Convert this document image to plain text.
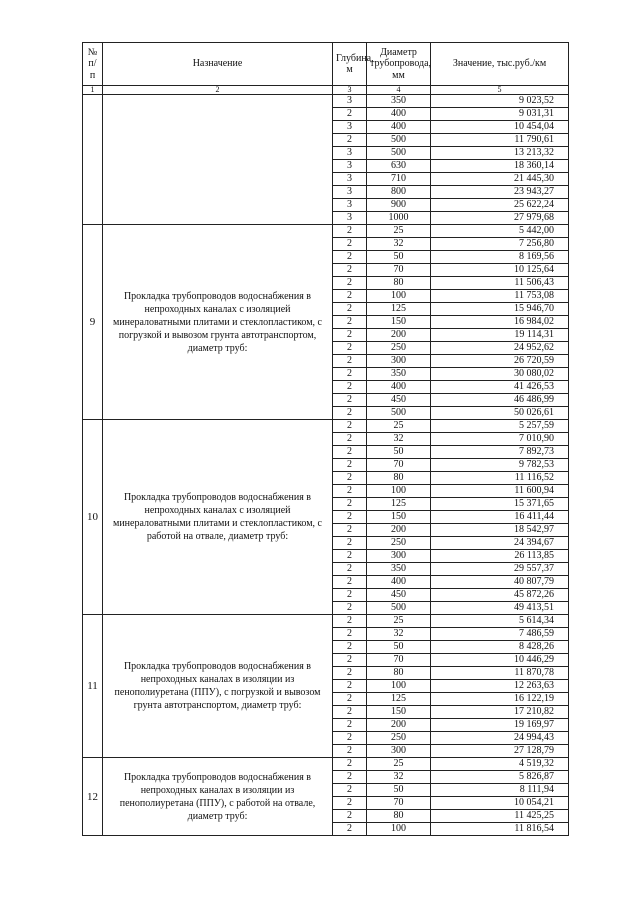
№ п/п	Назначение	Глубина, м	Диаметр трубопровода, мм	Значение, тыс.руб./км
1	2	3	4	5
		3	350	9 023,52
		2	400	9 031,31
		3	400	10 454,04
		2	500	11 790,61
		3	500	13 213,32
		3	630	18 360,14
		3	710	21 445,30
		3	800	23 943,27
		3	900	25 622,24
		3	1000	27 979,68
9	Прокладка трубопроводов водоснабжения в непроходных каналах с изоляцией минераловатными плитами и стеклопластиком, с погрузкой и вывозом грунта автотранспортом, диаметр труб:	2	25	5 442,00
		2	32	7 256,80
		2	50	8 169,56
		2	70	10 125,64
		2	80	11 506,43
		2	100	11 753,08
		2	125	15 946,70
		2	150	16 984,02
		2	200	19 114,31
		2	250	24 952,62
		2	300	26 720,59
		2	350	30 080,02
		2	400	41 426,53
		2	450	46 486,99
		2	500	50 026,61
10	Прокладка трубопроводов водоснабжения в непроходных каналах с изоляцией минераловатными плитами и стеклопластиком, с работой на отвале, диаметр труб:	2	25	5 257,59
		2	32	7 010,90
		2	50	7 892,73
		2	70	9 782,53
		2	80	11 116,52
		2	100	11 600,94
		2	125	15 371,65
		2	150	16 411,44
		2	200	18 542,97
		2	250	24 394,67
		2	300	26 113,85
		2	350	29 557,37
		2	400	40 807,79
		2	450	45 872,26
		2	500	49 413,51
11	Прокладка трубопроводов водоснабжения в непроходных каналах в изоляции из пенополиуретана (ППУ), с погрузкой и вывозом грунта автотранспортом, диаметр труб:	2	25	5 614,34
		2	32	7 486,59
		2	50	8 428,26
		2	70	10 446,29
		2	80	11 870,78
		2	100	12 263,63
		2	125	16 122,19
		2	150	17 210,82
		2	200	19 169,97
		2	250	24 994,43
		2	300	27 128,79
12	Прокладка трубопроводов водоснабжения в непроходных каналах в изоляции из пенополиуретана (ППУ), с работой на отвале, диаметр труб:	2	25	4 519,32
		2	32	5 826,87
		2	50	8 111,94
		2	70	10 054,21
		2	80	11 425,25
		2	100	11 816,54
